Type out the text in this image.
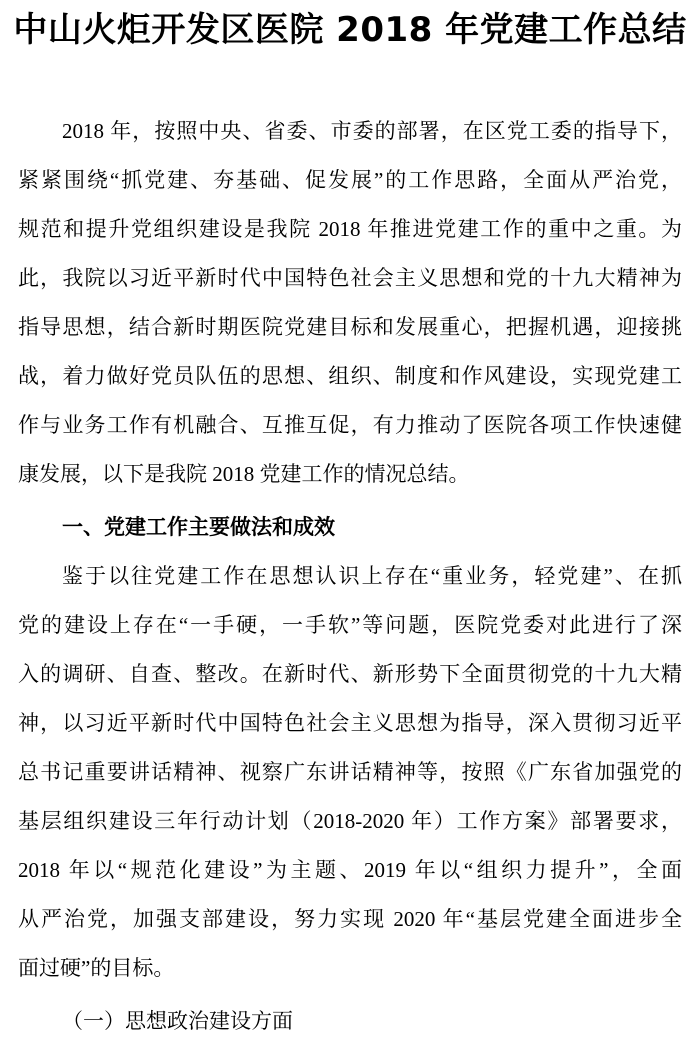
中山火炬开发区医院 2018 年党建工作总结
2018 年，按照中央、省委、市委的部署，在区党工委的指导下，
紧紧围绕“抓党建、夯基础、促发展”的工作思路，全面从严治党，
规范和提升党组织建设是我院 2018 年推进党建工作的重中之重。为
此，我院以习近平新时代中国特色社会主义思想和党的十九大精神为
指导思想，结合新时期医院党建目标和发展重心，把握机遇，迎接挑
战，着力做好党员队伍的思想、组织、制度和作风建设，实现党建工
作与业务工作有机融合、互推互促，有力推动了医院各项工作快速健
康发展，以下是我院 2018 党建工作的情况总结。
一、党建工作主要做法和成效
鉴于以往党建工作在思想认识上存在“重业务，轻党建”、在抓
党的建设上存在“一手硬，一手软”等问题，医院党委对此进行了深
入的调研、自查、整改。在新时代、新形势下全面贯彻党的十九大精
神，以习近平新时代中国特色社会主义思想为指导，深入贯彻习近平
总书记重要讲话精神、视察广东讲话精神等，按照《广东省加强党的
基层组织建设三年行动计划（2018-2020 年）工作方案》部署要求，
2018 年以“规范化建设”为主题、2019 年以“组织力提升”，全面
从严治党，加强支部建设，努力实现 2020 年“基层党建全面进步全
面过硬”的目标。
（一）思想政治建设方面
